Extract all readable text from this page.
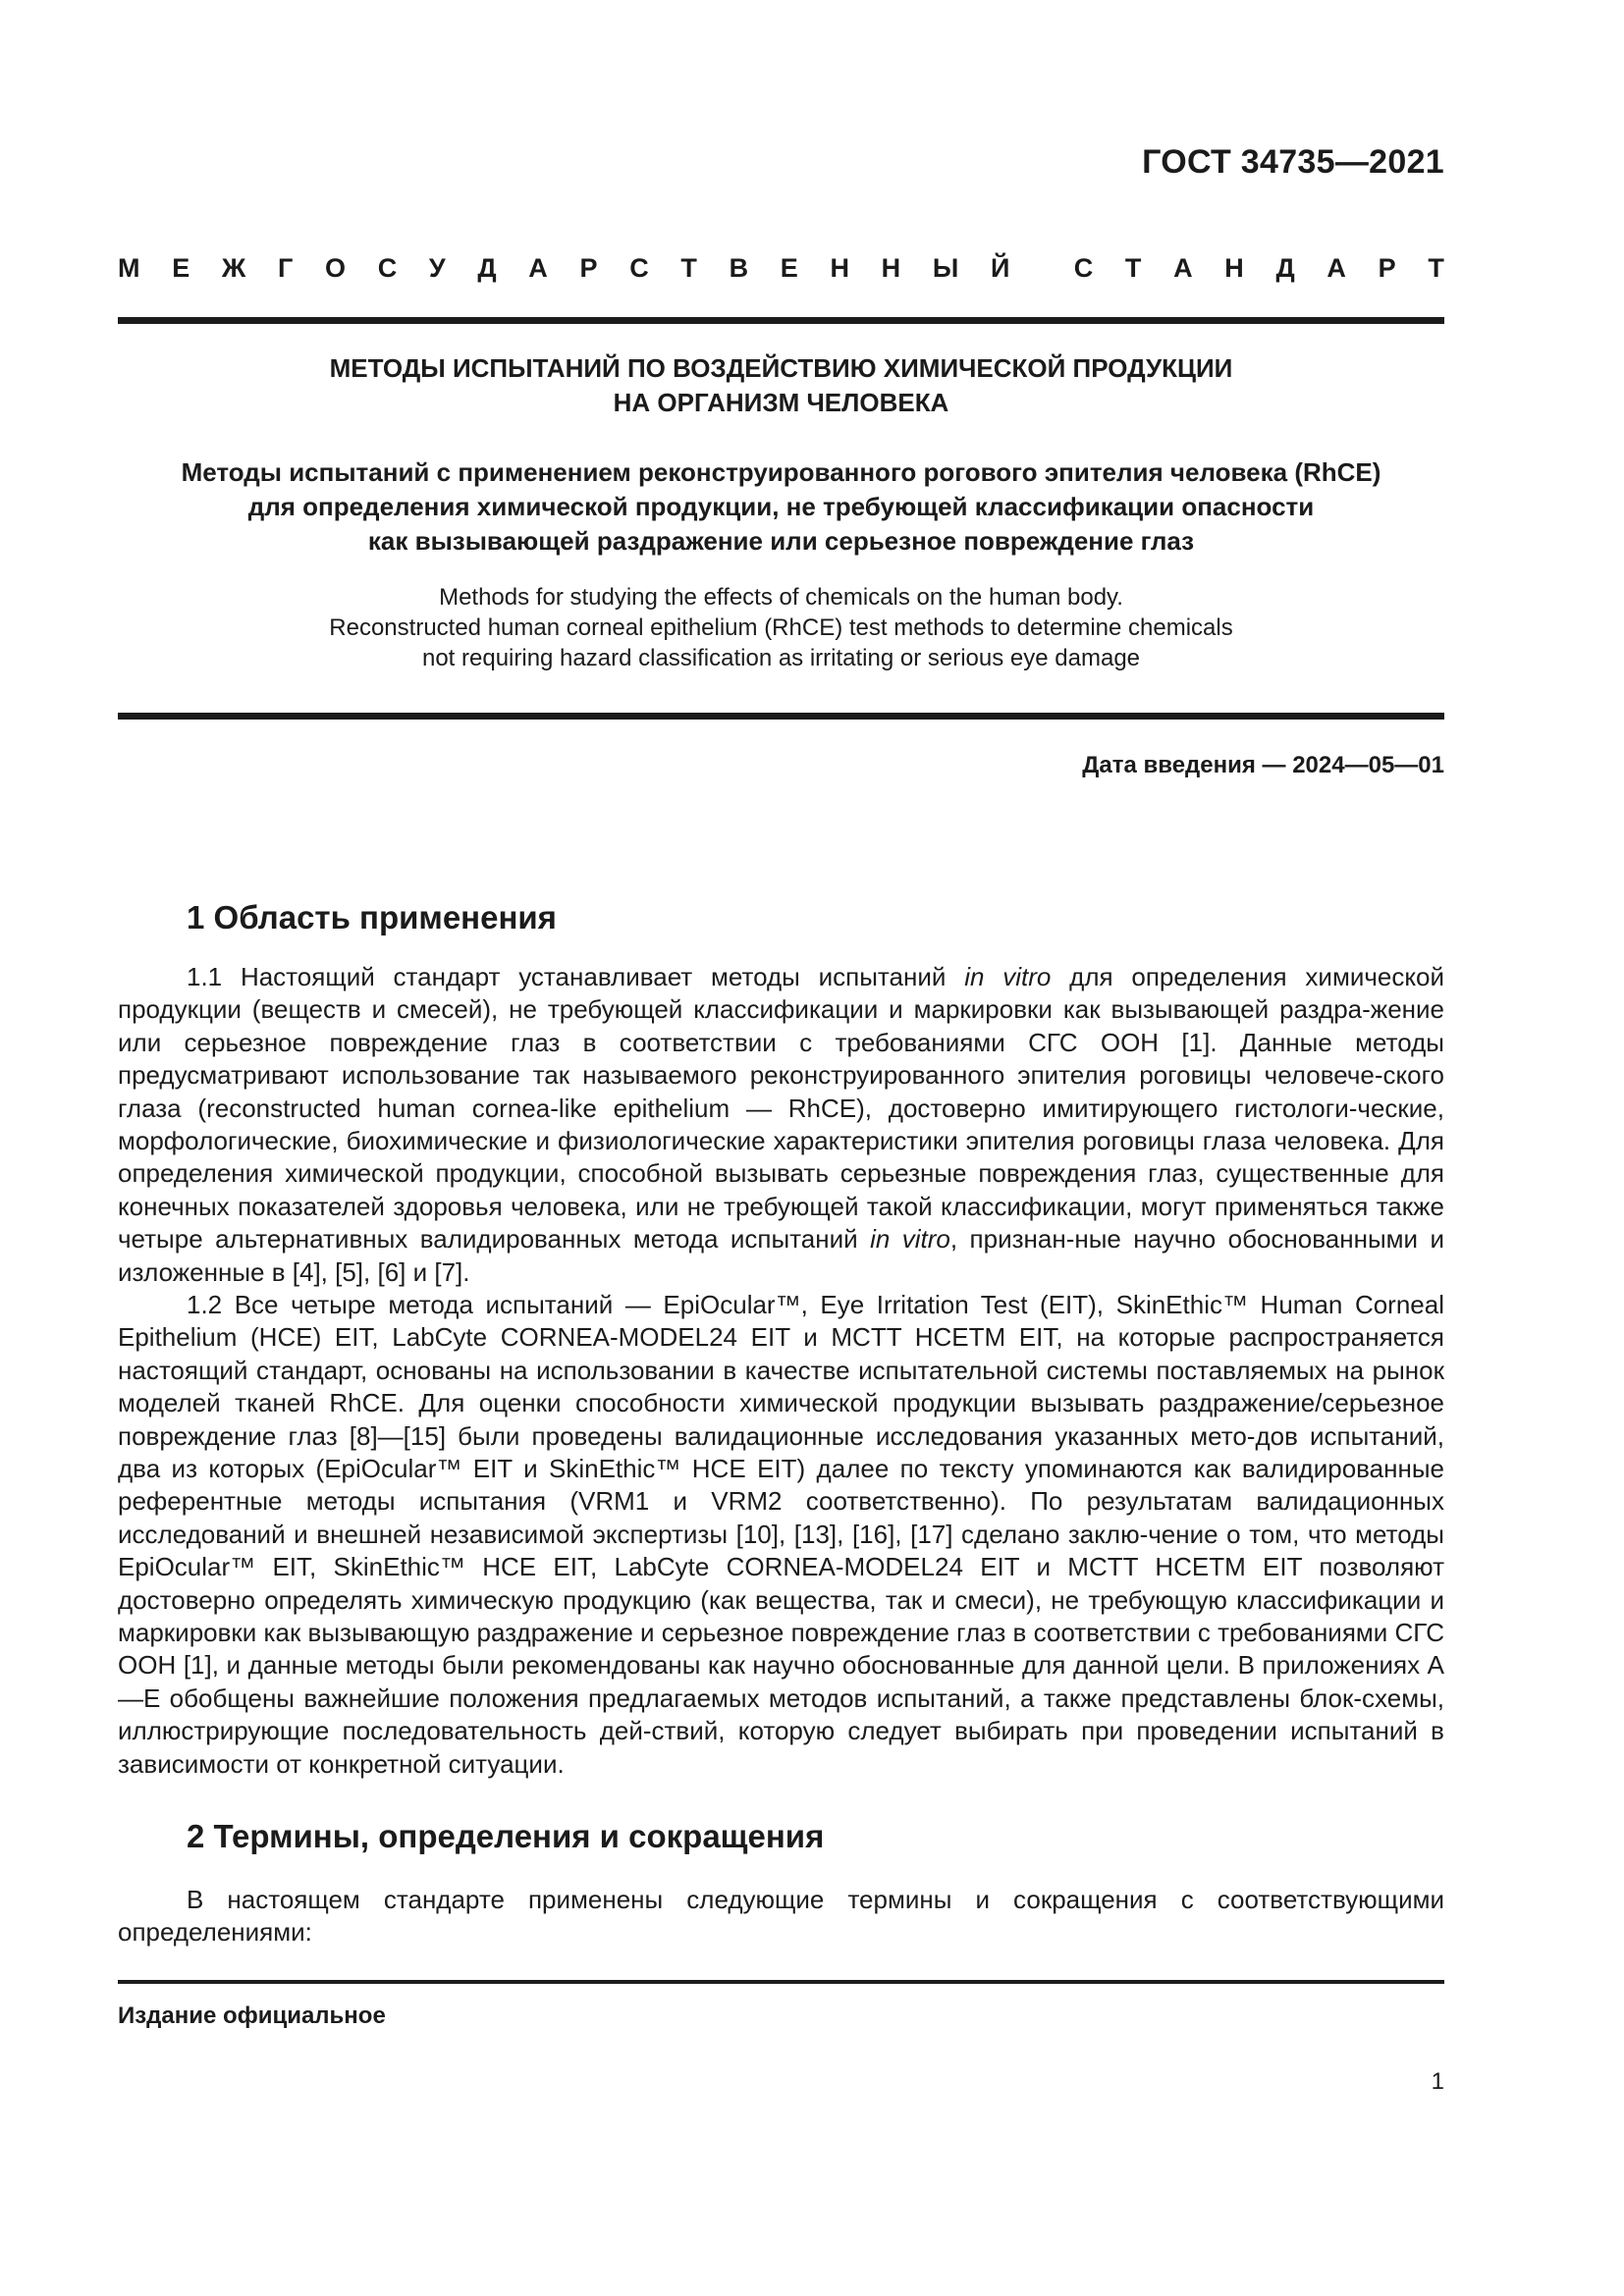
ГОСТ 34735—2021
М Е Ж Г О С У Д А Р С Т В Е Н Н Ы Й С Т А Н Д А Р Т
МЕТОДЫ ИСПЫТАНИЙ ПО ВОЗДЕЙСТВИЮ ХИМИЧЕСКОЙ ПРОДУКЦИИ
НА ОРГАНИЗМ ЧЕЛОВЕКА
Методы испытаний с применением реконструированного рогового эпителия человека (RhCE)
для определения химической продукции, не требующей классификации опасности
как вызывающей раздражение или серьезное повреждение глаз
Methods for studying the effects of chemicals on the human body.
Reconstructed human corneal epithelium (RhCE) test methods to determine chemicals
not requiring hazard classification as irritating or serious eye damage
Дата введения — 2024—05—01
1 Область применения

1.1 Настоящий стандарт устанавливает методы испытаний in vitro для определения химической продукции (веществ и смесей), не требующей классификации и маркировки как вызывающей раздра-жение или серьезное повреждение глаз в соответствии с требованиями СГС ООН [1]. Данные методы предусматривают использование так называемого реконструированного эпителия роговицы человече-ского глаза (reconstructed human cornea-like epithelium — RhCE), достоверно имитирующего гистологи-ческие, морфологические, биохимические и физиологические характеристики эпителия роговицы глаза человека. Для определения химической продукции, способной вызывать серьезные повреждения глаз, существенные для конечных показателей здоровья человека, или не требующей такой классификации, могут применяться также четыре альтернативных валидированных метода испытаний in vitro, признан-ные научно обоснованными и изложенные в [4], [5], [6] и [7].

1.2 Все четыре метода испытаний — EpiOcular™, Eye Irritation Test (EIT), SkinEthic™ Human Corneal Epithelium (HCE) EIT, LabCyte CORNEA-MODEL24 EIT и MCTT HCETM EIT, на которые распространяется настоящий стандарт, основаны на использовании в качестве испытательной системы поставляемых на рынок моделей тканей RhCE. Для оценки способности химической продукции вызывать раздражение/серьезное повреждение глаз [8]—[15] были проведены валидационные исследования указанных мето-дов испытаний, два из которых (EpiOcular™ EIT и SkinEthic™ HCE EIT) далее по тексту упоминаются как валидированные референтные методы испытания (VRM1 и VRM2 соответственно). По результатам валидационных исследований и внешней независимой экспертизы [10], [13], [16], [17] сделано заклю-чение о том, что методы EpiOcular™ EIT, SkinEthic™ HCE EIT, LabCyte CORNEA-MODEL24 EIT и MCTT HCETM EIT позволяют достоверно определять химическую продукцию (как вещества, так и смеси), не требующую классификации и маркировки как вызывающую раздражение и серьезное повреждение глаз в соответствии с требованиями СГС ООН [1], и данные методы были рекомендованы как научно обоснованные для данной цели. В приложениях А—Е обобщены важнейшие положения предлагаемых методов испытаний, а также представлены блок-схемы, иллюстрирующие последовательность дей-ствий, которую следует выбирать при проведении испытаний в зависимости от конкретной ситуации.

2 Термины, определения и сокращения

В настоящем стандарте применены следующие термины и сокращения с соответствующими определениями:

Издание официальное
1
